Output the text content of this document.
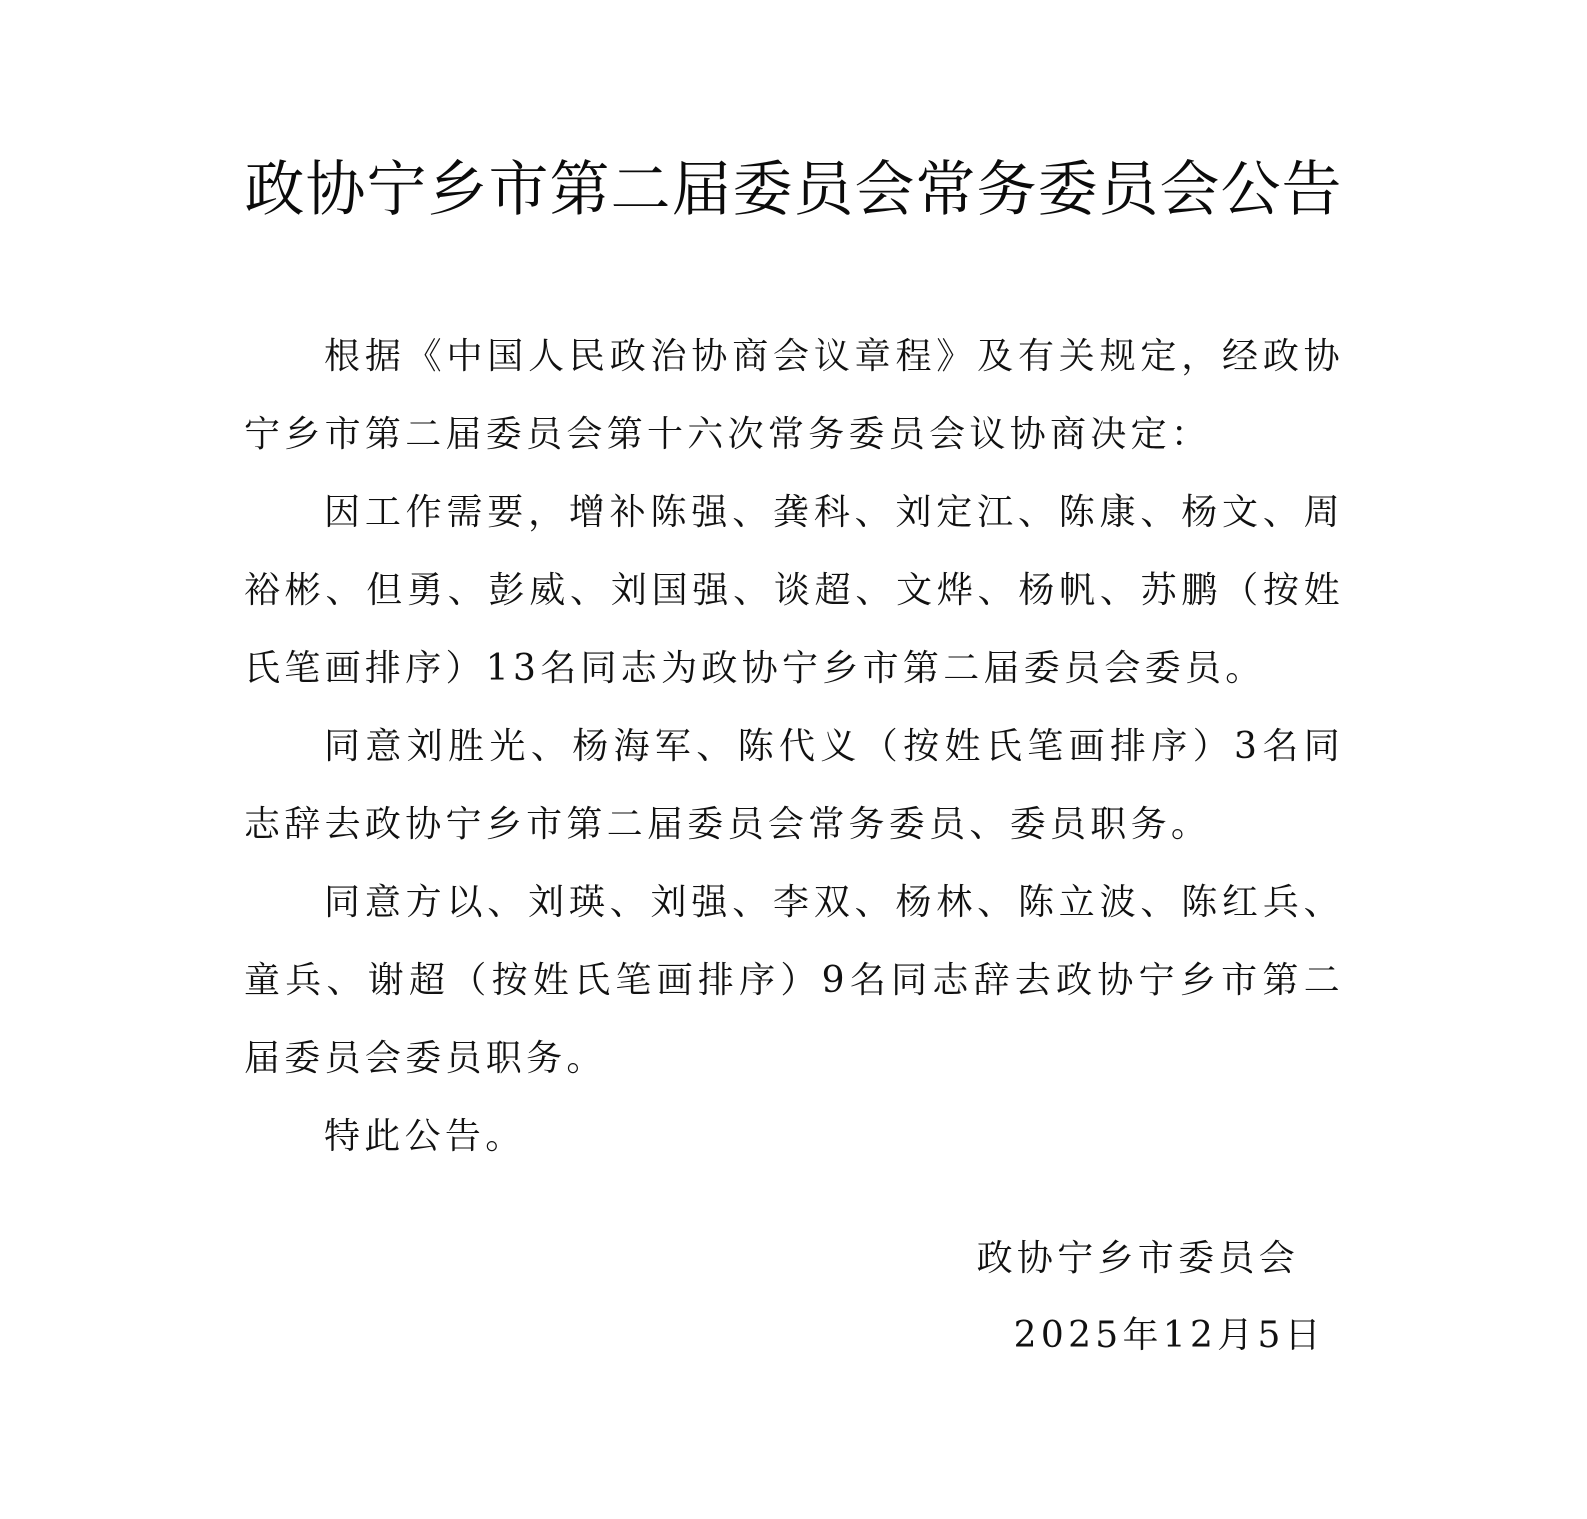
政协宁乡市第二届委员会常务委员会公告

根据《中国人民政治协商会议章程》及有关规定，经政协宁乡市第二届委员会第十六次常务委员会议协商决定：

因工作需要，增补陈强、龚科、刘定江、陈康、杨文、周裕彬、但勇、彭威、刘国强、谈超、文烨、杨帆、苏鹏（按姓氏笔画排序）13名同志为政协宁乡市第二届委员会委员。

同意刘胜光、杨海军、陈代义（按姓氏笔画排序）3名同志辞去政协宁乡市第二届委员会常务委员、委员职务。

同意方以、刘瑛、刘强、李双、杨林、陈立波、陈红兵、童兵、谢超（按姓氏笔画排序）9名同志辞去政协宁乡市第二届委员会委员职务。

特此公告。

政协宁乡市委员会
2025年12月5日
